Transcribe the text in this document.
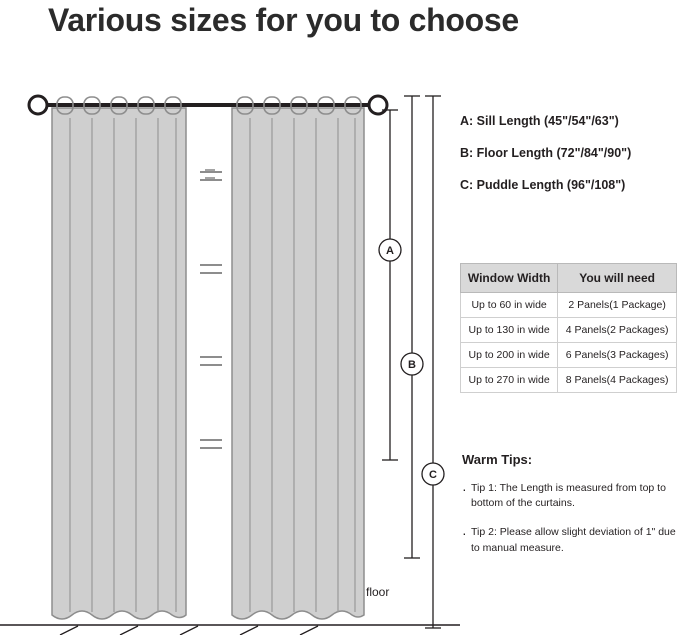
Various sizes for you to choose
A
B
C
floor
A: Sill Length (45"/54"/63")
B: Floor Length (72"/84"/90")
C: Puddle Length (96"/108")
Window Width	You will need
Up to 60 in wide	2 Panels(1 Package)
Up to 130 in wide	4 Panels(2 Packages)
Up to 200 in wide	6 Panels(3 Packages)
Up to 270 in wide	8 Panels(4 Packages)
Warm Tips:
· Tip 1: The Length is measured from top to bottom of the curtains.
· Tip 2: Please allow slight deviation of 1" due to manual measure.
